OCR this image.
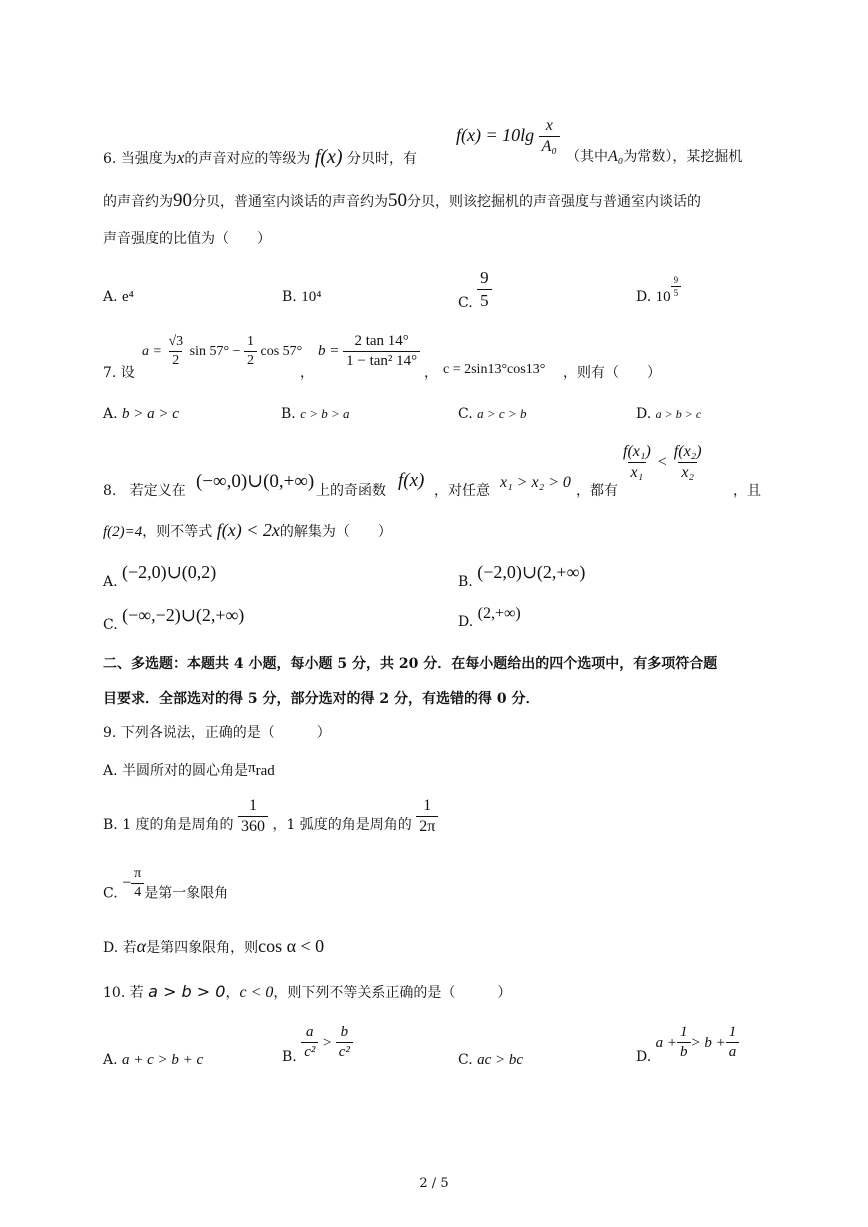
6. 当强度为x的声音对应的等级为 f(x) 分贝时，有
$f(x) = 10\lg \frac{x}{\text{A₀}}$
（其中A₀为常数），某挖掘机
的声音约为90分贝，普通室内谈话的声音约为50分贝，则该挖掘机的声音强度与普通室内谈话的
声音强度的比值为（　　）
A. e⁴	B. 10⁴	C. $\frac{9}{5}$	D. $10 \frac{9}{5}$
7. 设
$a = \frac{√3}{2}$ $\sin 57^\circ - \frac{1}{2}$ cos 57°
，
$b = \frac{2 \tan 14^\circ}{\text{1 − tan² 14°}}$
， c = 2sin13°cos13° ，则有（　　）
A. b > a > c	B. c > b > a	C. a > c > b	D. a > b > c
8. 若定义在 (−∞,0)∪(0,+∞) 上的奇函数 f(x) ，对任意 x₁ > x₂ > 0 ，都有
$\frac{\text{f(x₁)}}{\text{x₁}} < \frac{\text{f(x₂)}}{\text{x₂}}$
，且
f(2)=4，则不等式 f(x) < 2x的解集为（　　）
A. (−2,0)∪(0,2)	B. (−2,0)∪(2,+∞)
C. (−∞,−2)∪(2,+∞)	D. (2,+∞)
二、多选题：本题共 4 小题，每小题 5 分，共 20 分．在每小题给出的四个选项中，有多项符合题
目要求．全部选对的得 5 分，部分选对的得 2 分，有选错的得 0 分．
9. 下列各说法，正确的是（　　　）
A. 半圆所对的圆心角是πrad
B. 1 度的角是周角的 $\frac{1}{360}$ ，1 弧度的角是周角的 $\frac{1}{2\pi}$
C. − $\frac{\pi}{4}$ 是第一象限角
D. 若α是第四象限角，则cos α < 0
10. 若 a > b > 0，c < 0，则下列不等关系正确的是（　　　）
A. a + c > b + c	B. $\frac{a}{\text{c²}} > \frac{b}{\text{c²}}$	C. ac > bc	D. $a + \frac{1}{b} > b + \frac{1}{a}$
2 / 5
